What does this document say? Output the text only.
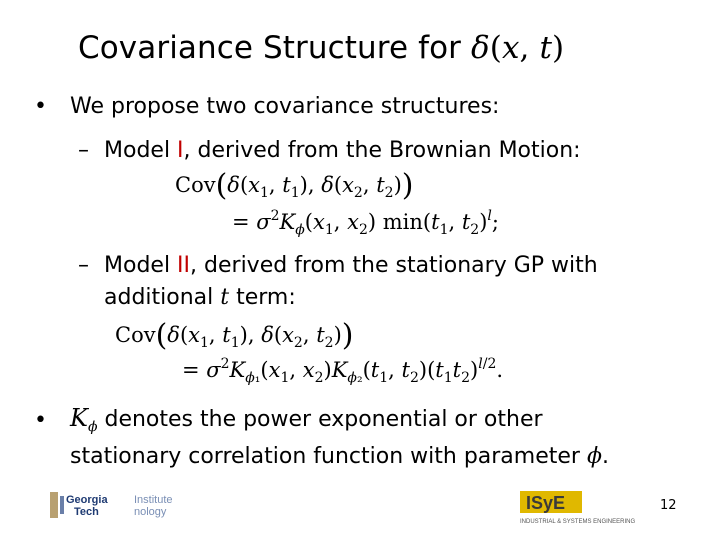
Covariance Structure for δ(x, t)
• We propose two covariance structures:
– Model I, derived from the Brownian Motion:
$Cov(\delta(x_1$, $t_1$), $\delta(x_2$, $t_2$))
= $\sigma^2K_\phi(x_1$, $x_2$) $\min(t_1$, $t_2)^l$;
– Model II, derived from the stationary GP with
additional t term:
$Cov(\delta(x_1$, $t_1$), $\delta(x_2$, $t_2$))
= $\sigma^2K_{\phi_1}(x_1$, $x_2)K_{\phi_2}(t_1$, $t_2)(t_1t_2)^{l/2}$.
• $K_\phi$ denotes the power exponential or other
stationary correlation function with parameter ϕ.
Georgia
Tech
Institute
nology	ISyE
INDUSTRIAL & SYSTEMS ENGINEERING
12
